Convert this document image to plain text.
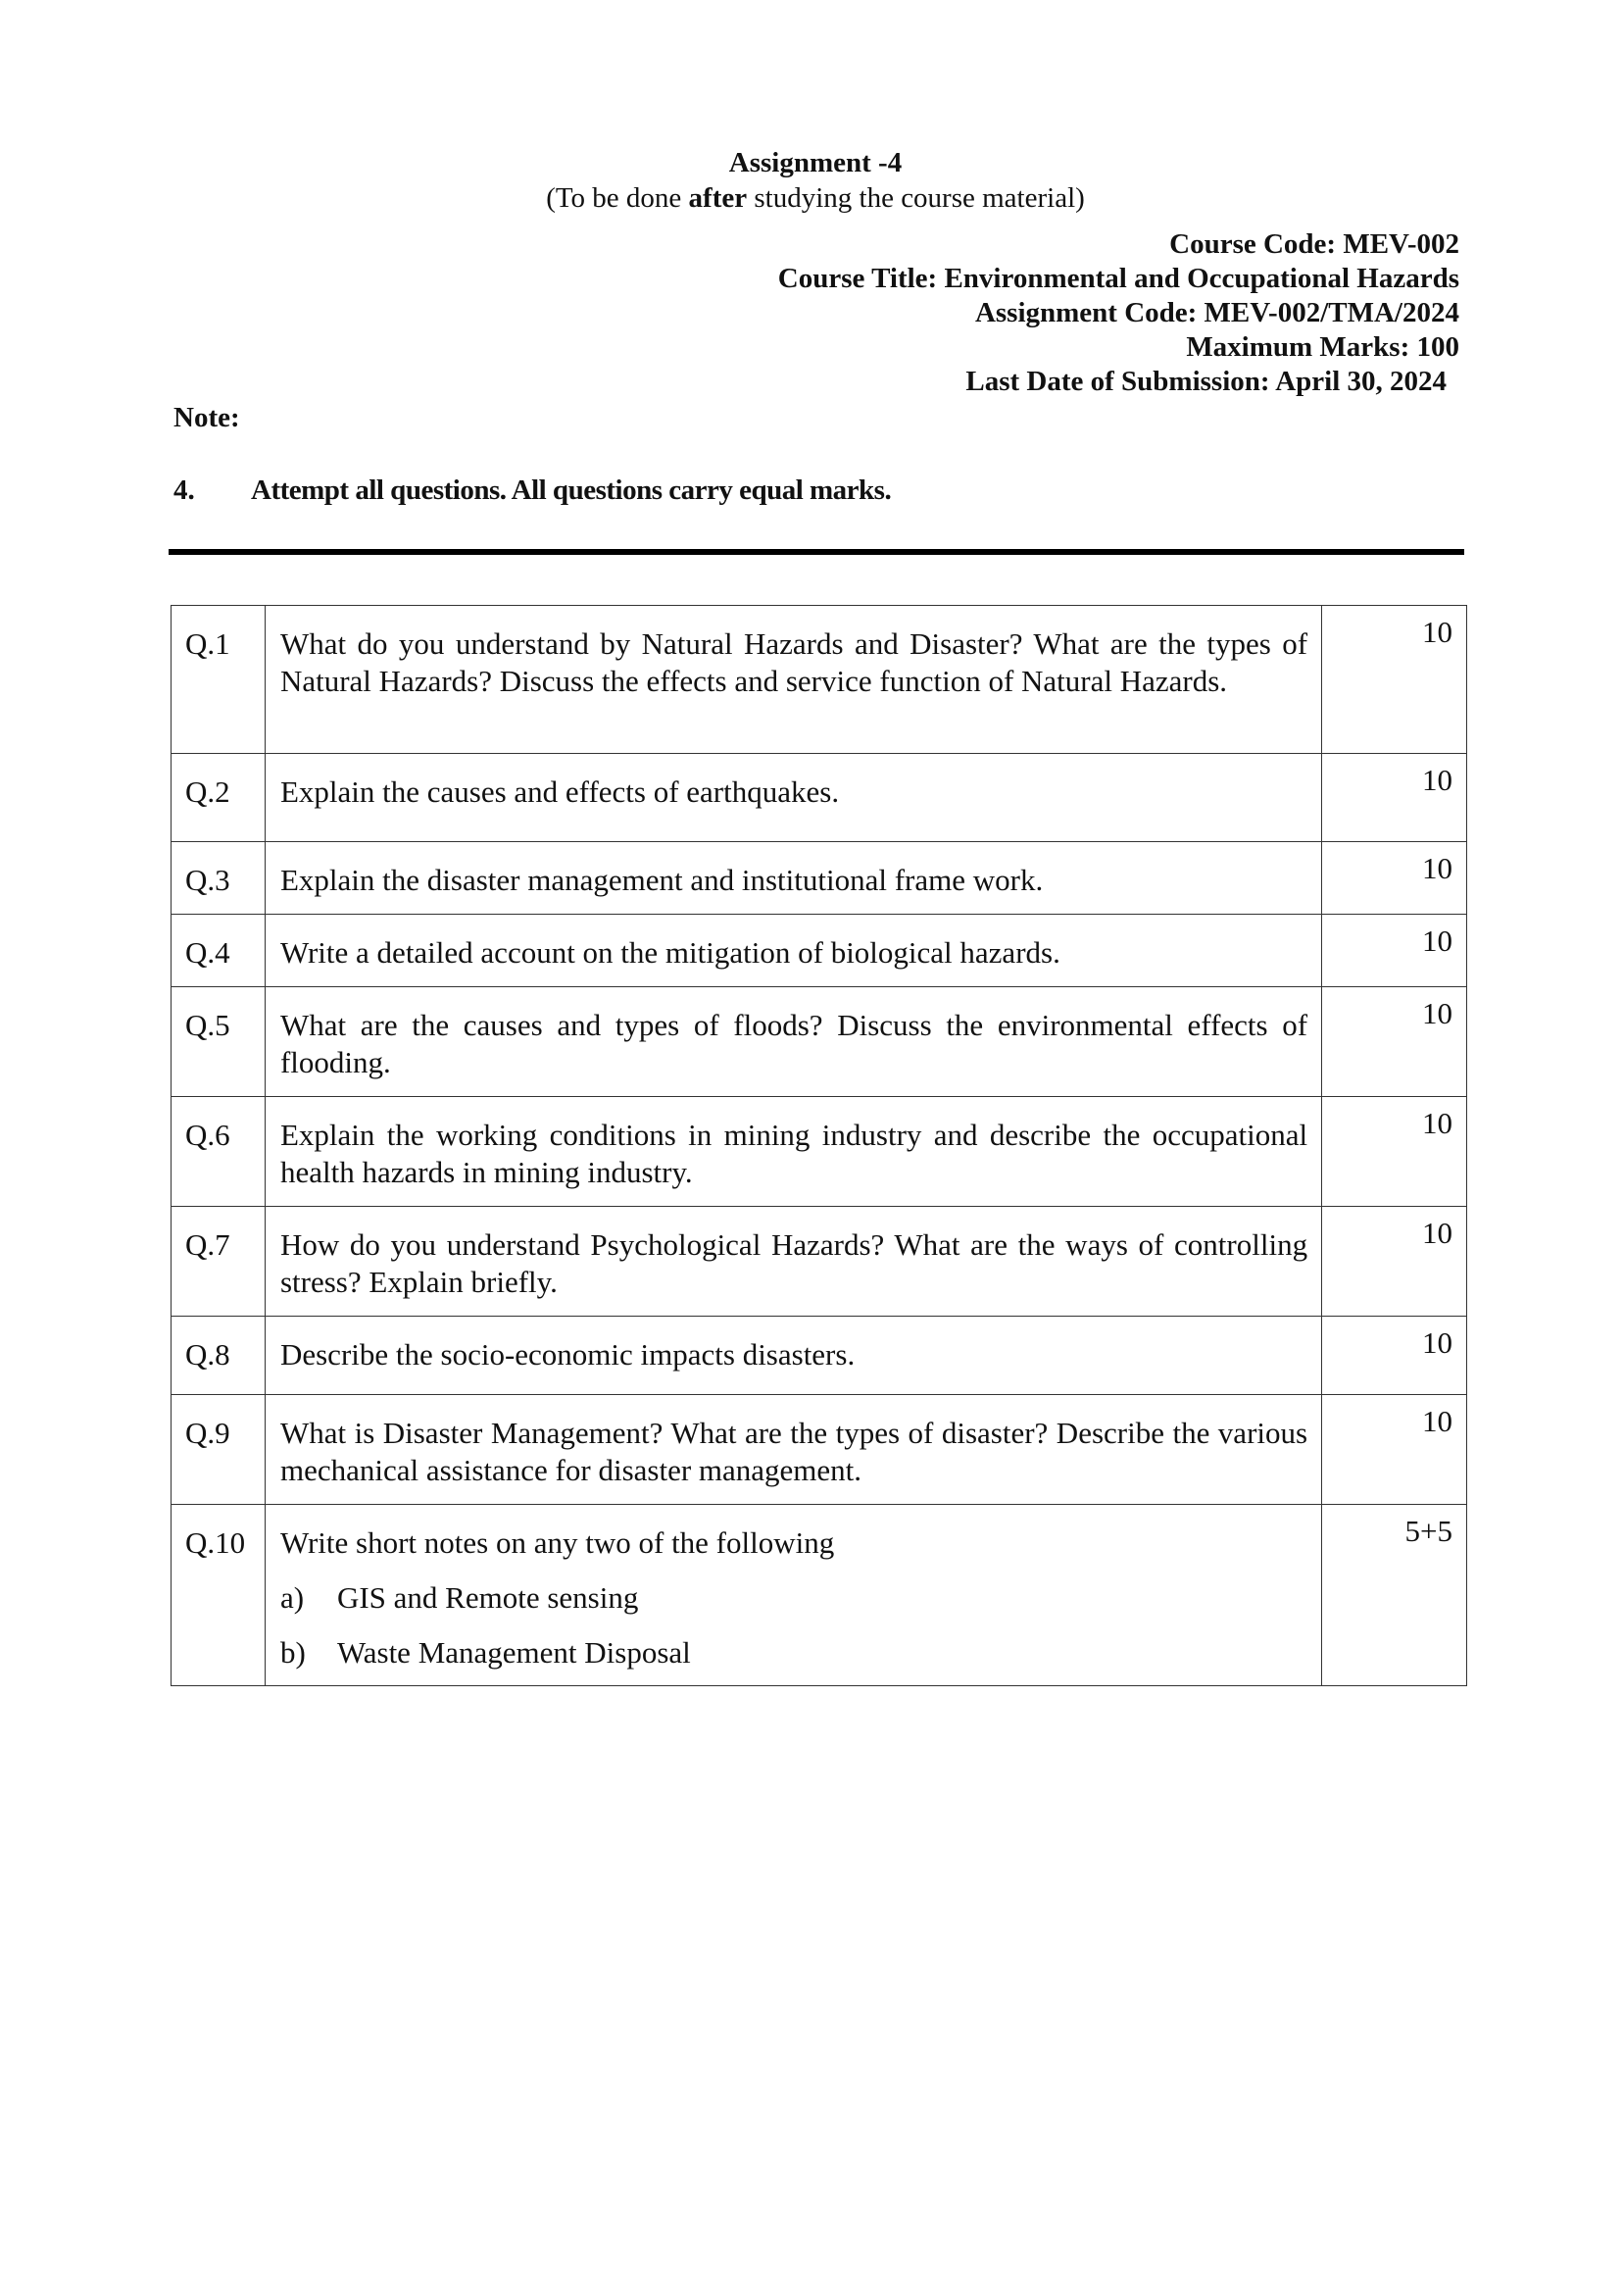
Assignment -4
(To be done after studying the course material)
Course Code: MEV-002
Course Title: Environmental and Occupational Hazards
Assignment Code: MEV-002/TMA/2024
Maximum Marks: 100
Last Date of Submission: April 30, 2024
Note:
4.	Attempt all questions. All questions carry equal marks.
Q.1	What do you understand by Natural Hazards and Disaster? What are the types of Natural Hazards? Discuss the effects and service function of Natural Hazards.	10
Q.2	Explain the causes and effects of earthquakes.	10
Q.3	Explain the disaster management and institutional frame work.	10
Q.4	Write a detailed account on the mitigation of biological hazards.	10
Q.5	What are the causes and types of floods? Discuss the environmental effects of flooding.	10
Q.6	Explain the working conditions in mining industry and describe the occupational health hazards in mining industry.	10
Q.7	How do you understand Psychological Hazards? What are the ways of controlling stress? Explain briefly.	10
Q.8	Describe the socio-economic impacts disasters.	10
Q.9	What is Disaster Management? What are the types of disaster? Describe the various mechanical assistance for disaster management.	10
Q.10	Write short notes on any two of the following
a) GIS and Remote sensing
b) Waste Management Disposal	5+5
